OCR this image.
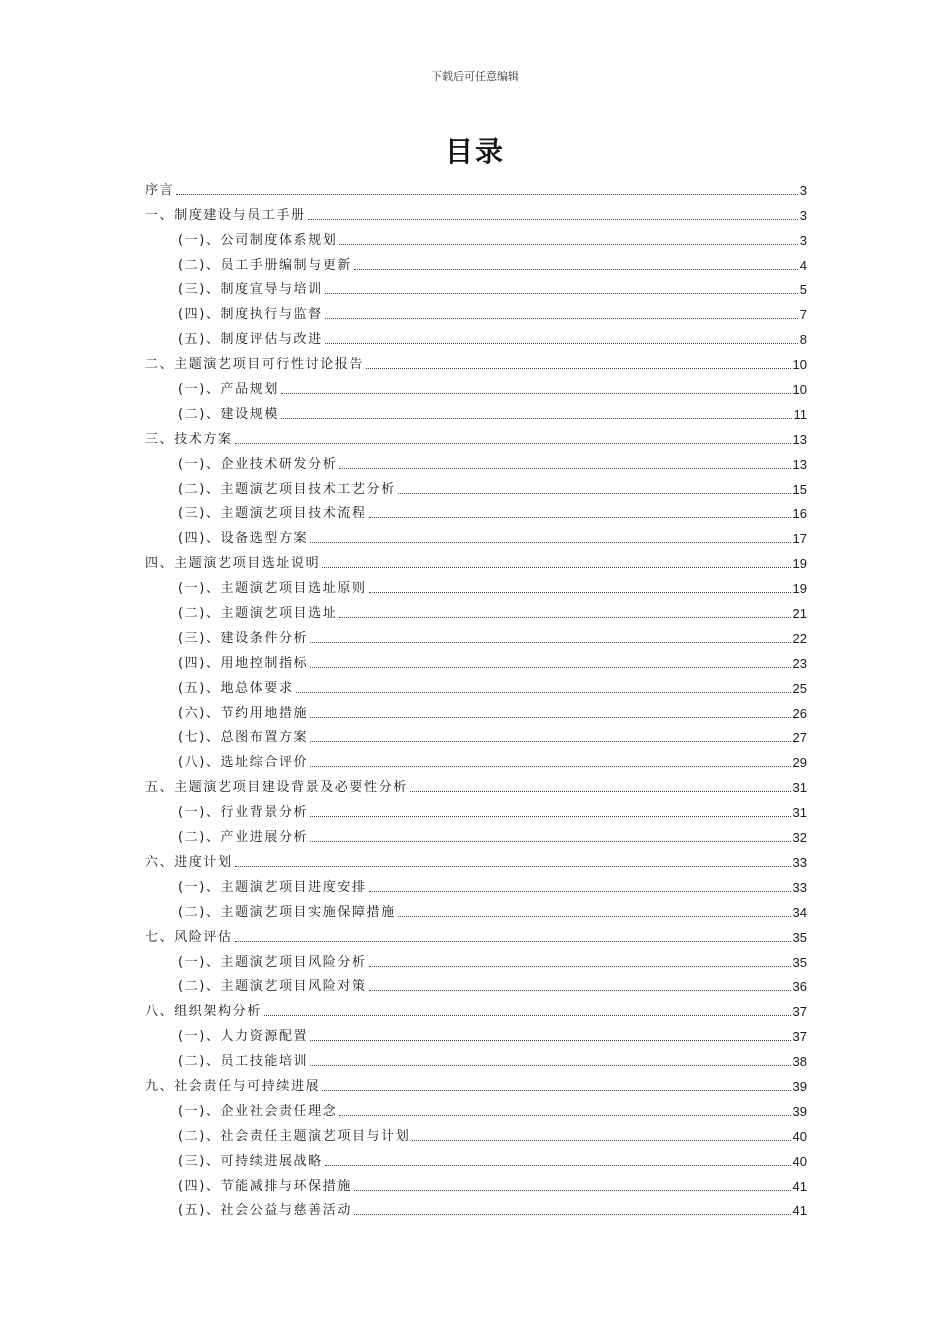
下载后可任意编辑
目录
序言	3
一、制度建设与员工手册	3
(一)、公司制度体系规划	3
(二)、员工手册编制与更新	4
(三)、制度宣导与培训	5
(四)、制度执行与监督	7
(五)、制度评估与改进	8
二、主题演艺项目可行性讨论报告	10
(一)、产品规划	10
(二)、建设规模	11
三、技术方案	13
(一)、企业技术研发分析	13
(二)、主题演艺项目技术工艺分析	15
(三)、主题演艺项目技术流程	16
(四)、设备选型方案	17
四、主题演艺项目选址说明	19
(一)、主题演艺项目选址原则	19
(二)、主题演艺项目选址	21
(三)、建设条件分析	22
(四)、用地控制指标	23
(五)、地总体要求	25
(六)、节约用地措施	26
(七)、总图布置方案	27
(八)、选址综合评价	29
五、主题演艺项目建设背景及必要性分析	31
(一)、行业背景分析	31
(二)、产业进展分析	32
六、进度计划	33
(一)、主题演艺项目进度安排	33
(二)、主题演艺项目实施保障措施	34
七、风险评估	35
(一)、主题演艺项目风险分析	35
(二)、主题演艺项目风险对策	36
八、组织架构分析	37
(一)、人力资源配置	37
(二)、员工技能培训	38
九、社会责任与可持续进展	39
(一)、企业社会责任理念	39
(二)、社会责任主题演艺项目与计划	40
(三)、可持续进展战略	40
(四)、节能减排与环保措施	41
(五)、社会公益与慈善活动	41
